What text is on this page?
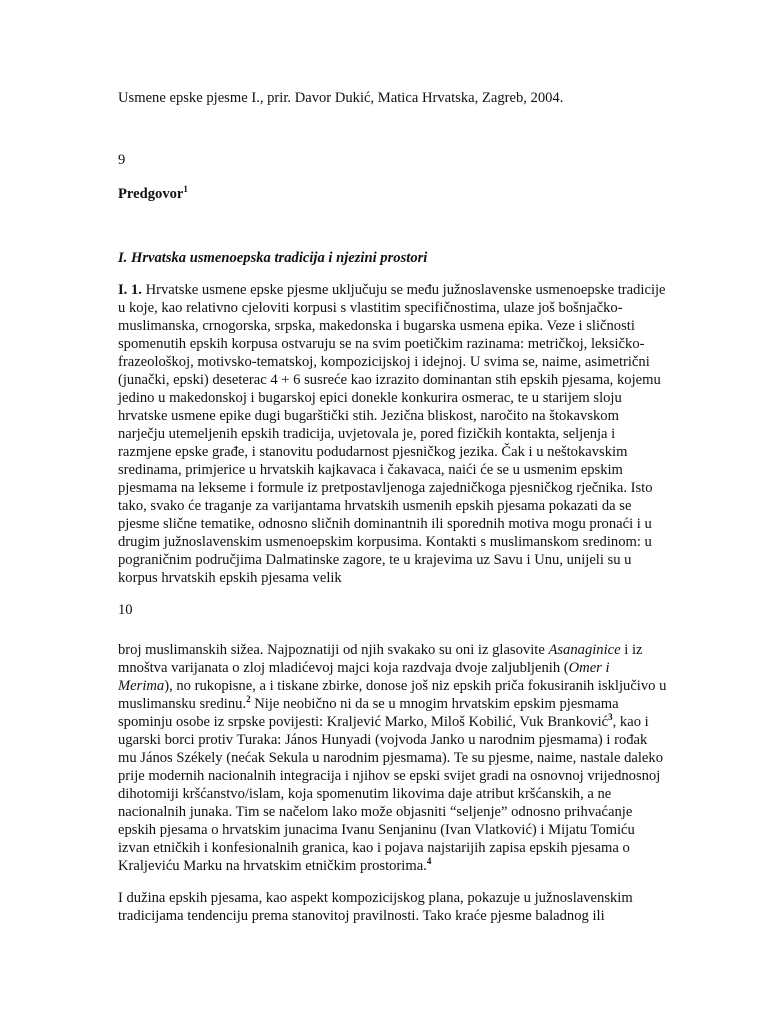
Usmene epske pjesme I., prir. Davor Dukić, Matica Hrvatska, Zagreb, 2004.
9
Predgovor$^1$
I. Hrvatska usmenoepska tradicija i njezini prostori
I. 1. Hrvatske usmene epske pjesme uključuju se među južnoslavenske usmenoepske tradicije
u koje, kao relativno cjeloviti korpusi s vlastitim specifičnostima, ulaze još bošnjačko-
muslimanska, crnogorska, srpska, makedonska i bugarska usmena epika. Veze i sličnosti
spomenutih epskih korpusa ostvaruju se na svim poetičkim razinama: metričkoj, leksičko-
frazeološkoj, motivsko-tematskoj, kompozicijskoj i idejnoj. U svima se, naime, asimetrični
(junački, epski) deseterac 4 + 6 susreće kao izrazito dominantan stih epskih pjesama, kojemu
jedino u makedonskoj i bugarskoj epici donekle konkurira osmerac, te u starijem sloju
hrvatske usmene epike dugi bugarštički stih. Jezična bliskost, naročito na štokavskom
narječju utemeljenih epskih tradicija, uvjetovala je, pored fizičkih kontakta, seljenja i
razmjene epske građe, i stanovitu podudarnost pjesničkog jezika. Čak i u neštokavskim
sredinama, primjerice u hrvatskih kajkavaca i čakavaca, naići će se u usmenim epskim
pjesmama na lekseme i formule iz pretpostavljenoga zajedničkoga pjesničkog rječnika. Isto
tako, svako će traganje za varijantama hrvatskih usmenih epskih pjesama pokazati da se
pjesme slične tematike, odnosno sličnih dominantnih ili sporednih motiva mogu pronaći i u
drugim južnoslavenskim usmenoepskim korpusima. Kontakti s muslimanskom sredinom: u
pograničnim područjima Dalmatinske zagore, te u krajevima uz Savu i Unu, unijeli su u
korpus hrvatskih epskih pjesama velik
10
broj muslimanskih sižea. Najpoznatiji od njih svakako su oni iz glasovite Asanaginice i iz
mnoštva varijanata o zloj mladićevoj majci koja razdvaja dvoje zaljubljenih (Omer i
Merima), no rukopisne, a i tiskane zbirke, donose još niz epskih priča fokusiranih isključivo u
muslimansku sredinu.$^2$ Nije neobično ni da se u mnogim hrvatskim epskim pjesmama
spominju osobe iz srpske povijesti: Kraljević Marko, Miloš Kobilić, Vuk Branković$^3$, kao i
ugarski borci protiv Turaka: János Hunyadi (vojvoda Janko u narodnim pjesmama) i rođak
mu János Székely (nećak Sekula u narodnim pjesmama). Te su pjesme, naime, nastale daleko
prije modernih nacionalnih integracija i njihov se epski svijet gradi na osnovnoj vrijednosnoj
dihotomiji kršćanstvo/islam, koja spomenutim likovima daje atribut kršćanskih, a ne
nacionalnih junaka. Tim se načelom lako može objasniti “seljenje” odnosno prihvaćanje
epskih pjesama o hrvatskim junacima Ivanu Senjaninu (Ivan Vlatković) i Mijatu Tomiću
izvan etničkih i konfesionalnih granica, kao i pojava najstarijih zapisa epskih pjesama o
Kraljeviću Marku na hrvatskim etničkim prostorima.$^4$
I dužina epskih pjesama, kao aspekt kompozicijskog plana, pokazuje u južnoslavenskim
tradicijama tendenciju prema stanovitoj pravilnosti. Tako kraće pjesme baladnog ili
